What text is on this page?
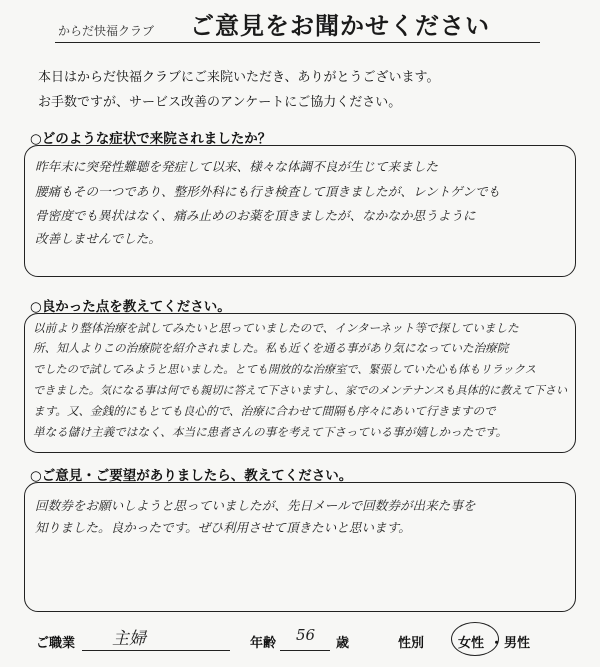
からだ快福クラブ ご意見をお聞かせください
本日はからだ快福クラブにご来院いただき、ありがとうございます。
お手数ですが、サービス改善のアンケートにご協力ください。
○どのような症状で来院されましたか？
昨年末に突発性難聴を発症して以来、様々な体調不良が生じて来ました
腰痛もその一つであり、整形外科にも行き検査して頂きましたが、レントゲンでも
骨密度でも異状はなく、痛み止めのお薬を頂きましたが、なかなか思うように
改善しませんでした。
○良かった点を教えてください。
以前より整体治療を試してみたいと思っていましたので、インターネット等で探していました
所、知人よりこの治療院を紹介されました。私も近くを通る事があり気になっていた治療院
でしたので試してみようと思いました。とても開放的な治療室で、緊張していた心も体もリラックス
できました。気になる事は何でも親切に答えて下さいますし、家でのメンテナンスも具体的に教えて下さい
ます。又、金銭的にもとても良心的で、治療に合わせて間隔も序々にあいて行きますので
単なる儲け主義ではなく、本当に患者さんの事を考えて下さっている事が嬉しかったです。
○ご意見・ご要望がありましたら、教えてください。
回数券をお願いしようと思っていましたが、先日メールで回数券が出来た事を
知りました。良かったです。ぜひ利用させて頂きたいと思います。
ご職業 主婦	年齢 56 歳	性別	女性 ・ 男性
